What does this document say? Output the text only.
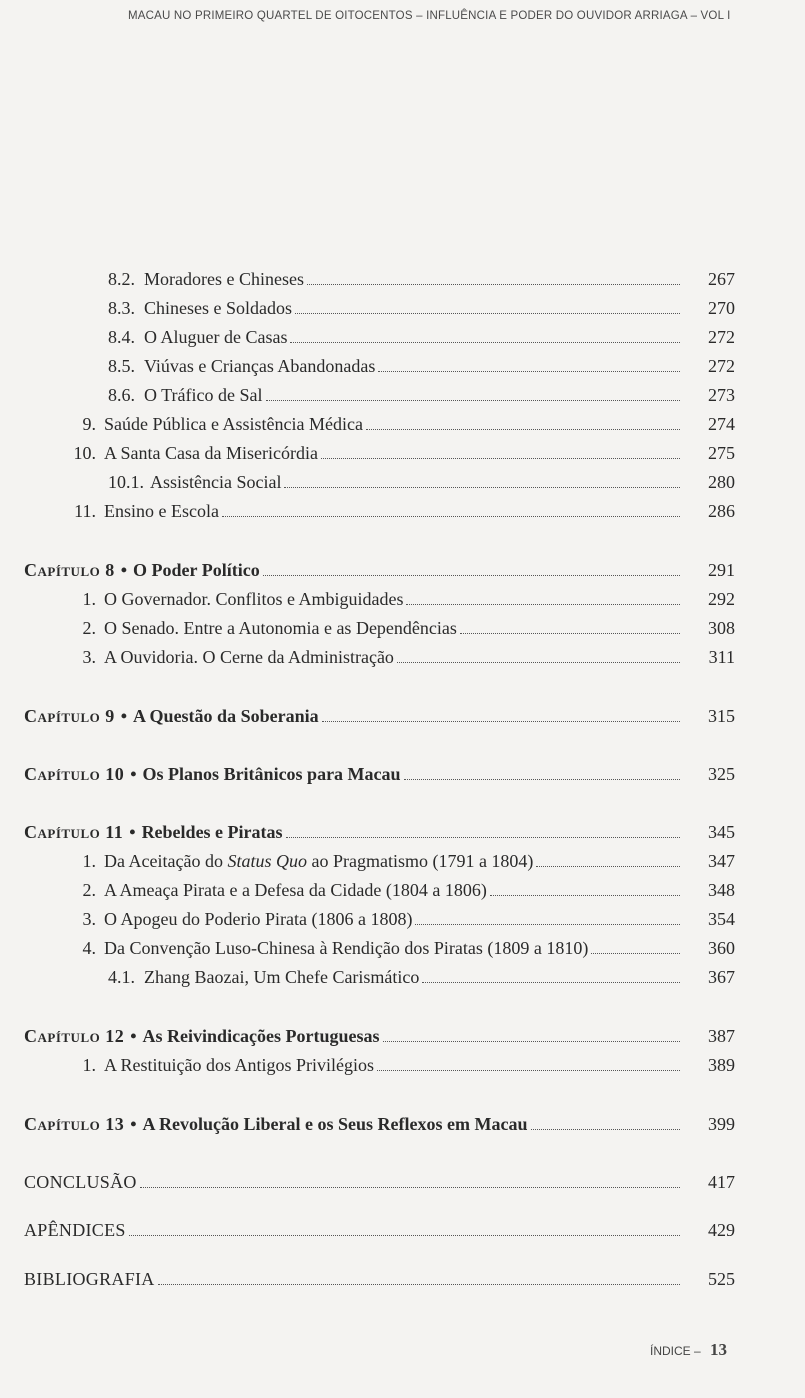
MACAU NO PRIMEIRO QUARTEL DE OITOCENTOS – INFLUÊNCIA E PODER DO OUVIDOR ARRIAGA – VOL I
8.2. Moradores e Chineses	267
8.3. Chineses e Soldados	270
8.4. O Aluguer de Casas	272
8.5. Viúvas e Crianças Abandonadas	272
8.6. O Tráfico de Sal	273
9. Saúde Pública e Assistência Médica	274
10. A Santa Casa da Misericórdia	275
10.1. Assistência Social	280
11. Ensino e Escola	286
Capítulo 8 • O Poder Político	291
1. O Governador. Conflitos e Ambiguidades	292
2. O Senado. Entre a Autonomia e as Dependências	308
3. A Ouvidoria. O Cerne da Administração	311
Capítulo 9 • A Questão da Soberania	315
Capítulo 10 • Os Planos Britânicos para Macau	325
Capítulo 11 • Rebeldes e Piratas	345
1. Da Aceitação do Status Quo ao Pragmatismo (1791 a 1804)	347
2. A Ameaça Pirata e a Defesa da Cidade (1804 a 1806)	348
3. O Apogeu do Poderio Pirata (1806 a 1808)	354
4. Da Convenção Luso-Chinesa à Rendição dos Piratas (1809 a 1810)	360
4.1. Zhang Baozai, Um Chefe Carismático	367
Capítulo 12 • As Reivindicações Portuguesas	387
1. A Restituição dos Antigos Privilégios	389
Capítulo 13 • A Revolução Liberal e os Seus Reflexos em Macau	399
CONCLUSÃO	417
APÊNDICES	429
BIBLIOGRAFIA	525
ÍNDICE – 13
